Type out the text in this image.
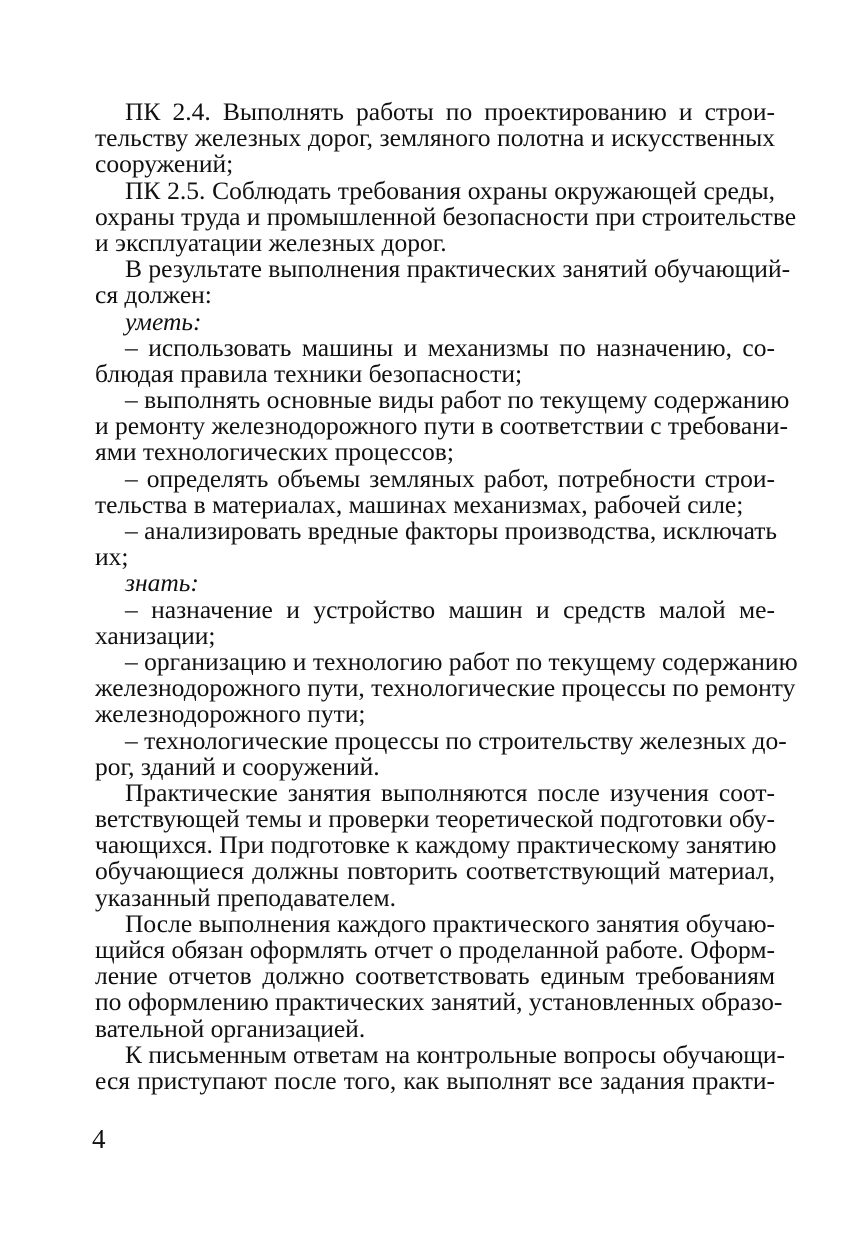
ПК 2.4. Выполнять работы по проектированию и строи-
тельству железных дорог, земляного полотна и искусственных
сооружений;
ПК 2.5. Соблюдать требования охраны окружающей среды,
охраны труда и промышленной безопасности при строительстве
и эксплуатации железных дорог.
В результате выполнения практических занятий обучающий-
ся должен:
уметь:
– использовать машины и механизмы по назначению, со-
блюдая правила техники безопасности;
– выполнять основные виды работ по текущему содержанию
и ремонту железнодорожного пути в соответствии с требовани-
ями технологических процессов;
– определять объемы земляных работ, потребности строи-
тельства в материалах, машинах механизмах, рабочей силе;
– анализировать вредные факторы производства, исключать
их;
знать:
– назначение и устройство машин и средств малой ме-
ханизации;
– организацию и технологию работ по текущему содержанию
железнодорожного пути, технологические процессы по ремонту
железнодорожного пути;
– технологические процессы по строительству железных до-
рог, зданий и сооружений.
Практические занятия выполняются после изучения соот-
ветствующей темы и проверки теоретической подготовки обу-
чающихся. При подготовке к каждому практическому занятию
обучающиеся должны повторить соответствующий материал,
указанный преподавателем.
После выполнения каждого практического занятия обучаю-
щийся обязан оформлять отчет о проделанной работе. Оформ-
ление отчетов должно соответствовать единым требованиям
по оформлению практических занятий, установленных образо-
вательной организацией.
К письменным ответам на контрольные вопросы обучающи-
еся приступают после того, как выполнят все задания практи-
4
